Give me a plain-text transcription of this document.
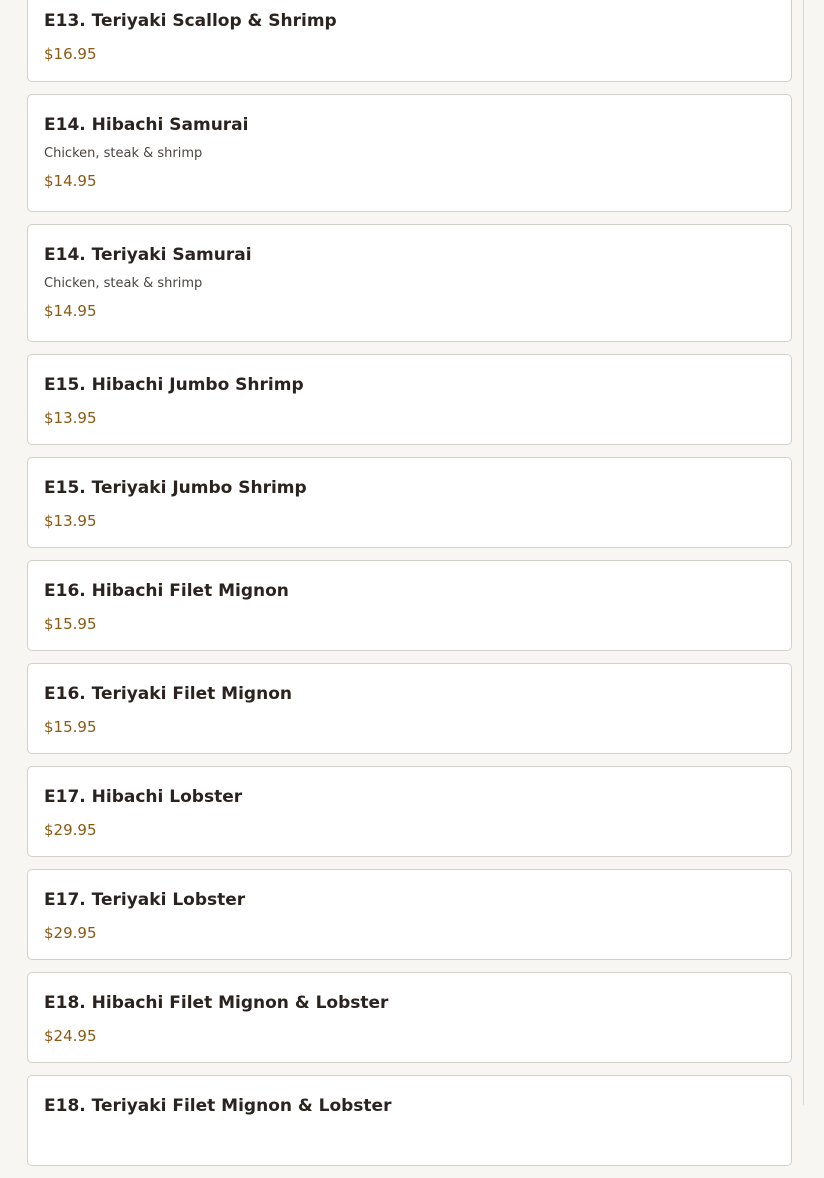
E13. Teriyaki Scallop & Shrimp
$16.95
E14. Hibachi Samurai
Chicken, steak & shrimp
$14.95
E14. Teriyaki Samurai
Chicken, steak & shrimp
$14.95
E15. Hibachi Jumbo Shrimp
$13.95
E15. Teriyaki Jumbo Shrimp
$13.95
E16. Hibachi Filet Mignon
$15.95
E16. Teriyaki Filet Mignon
$15.95
E17. Hibachi Lobster
$29.95
E17. Teriyaki Lobster
$29.95
E18. Hibachi Filet Mignon & Lobster
$24.95
E18. Teriyaki Filet Mignon & Lobster
